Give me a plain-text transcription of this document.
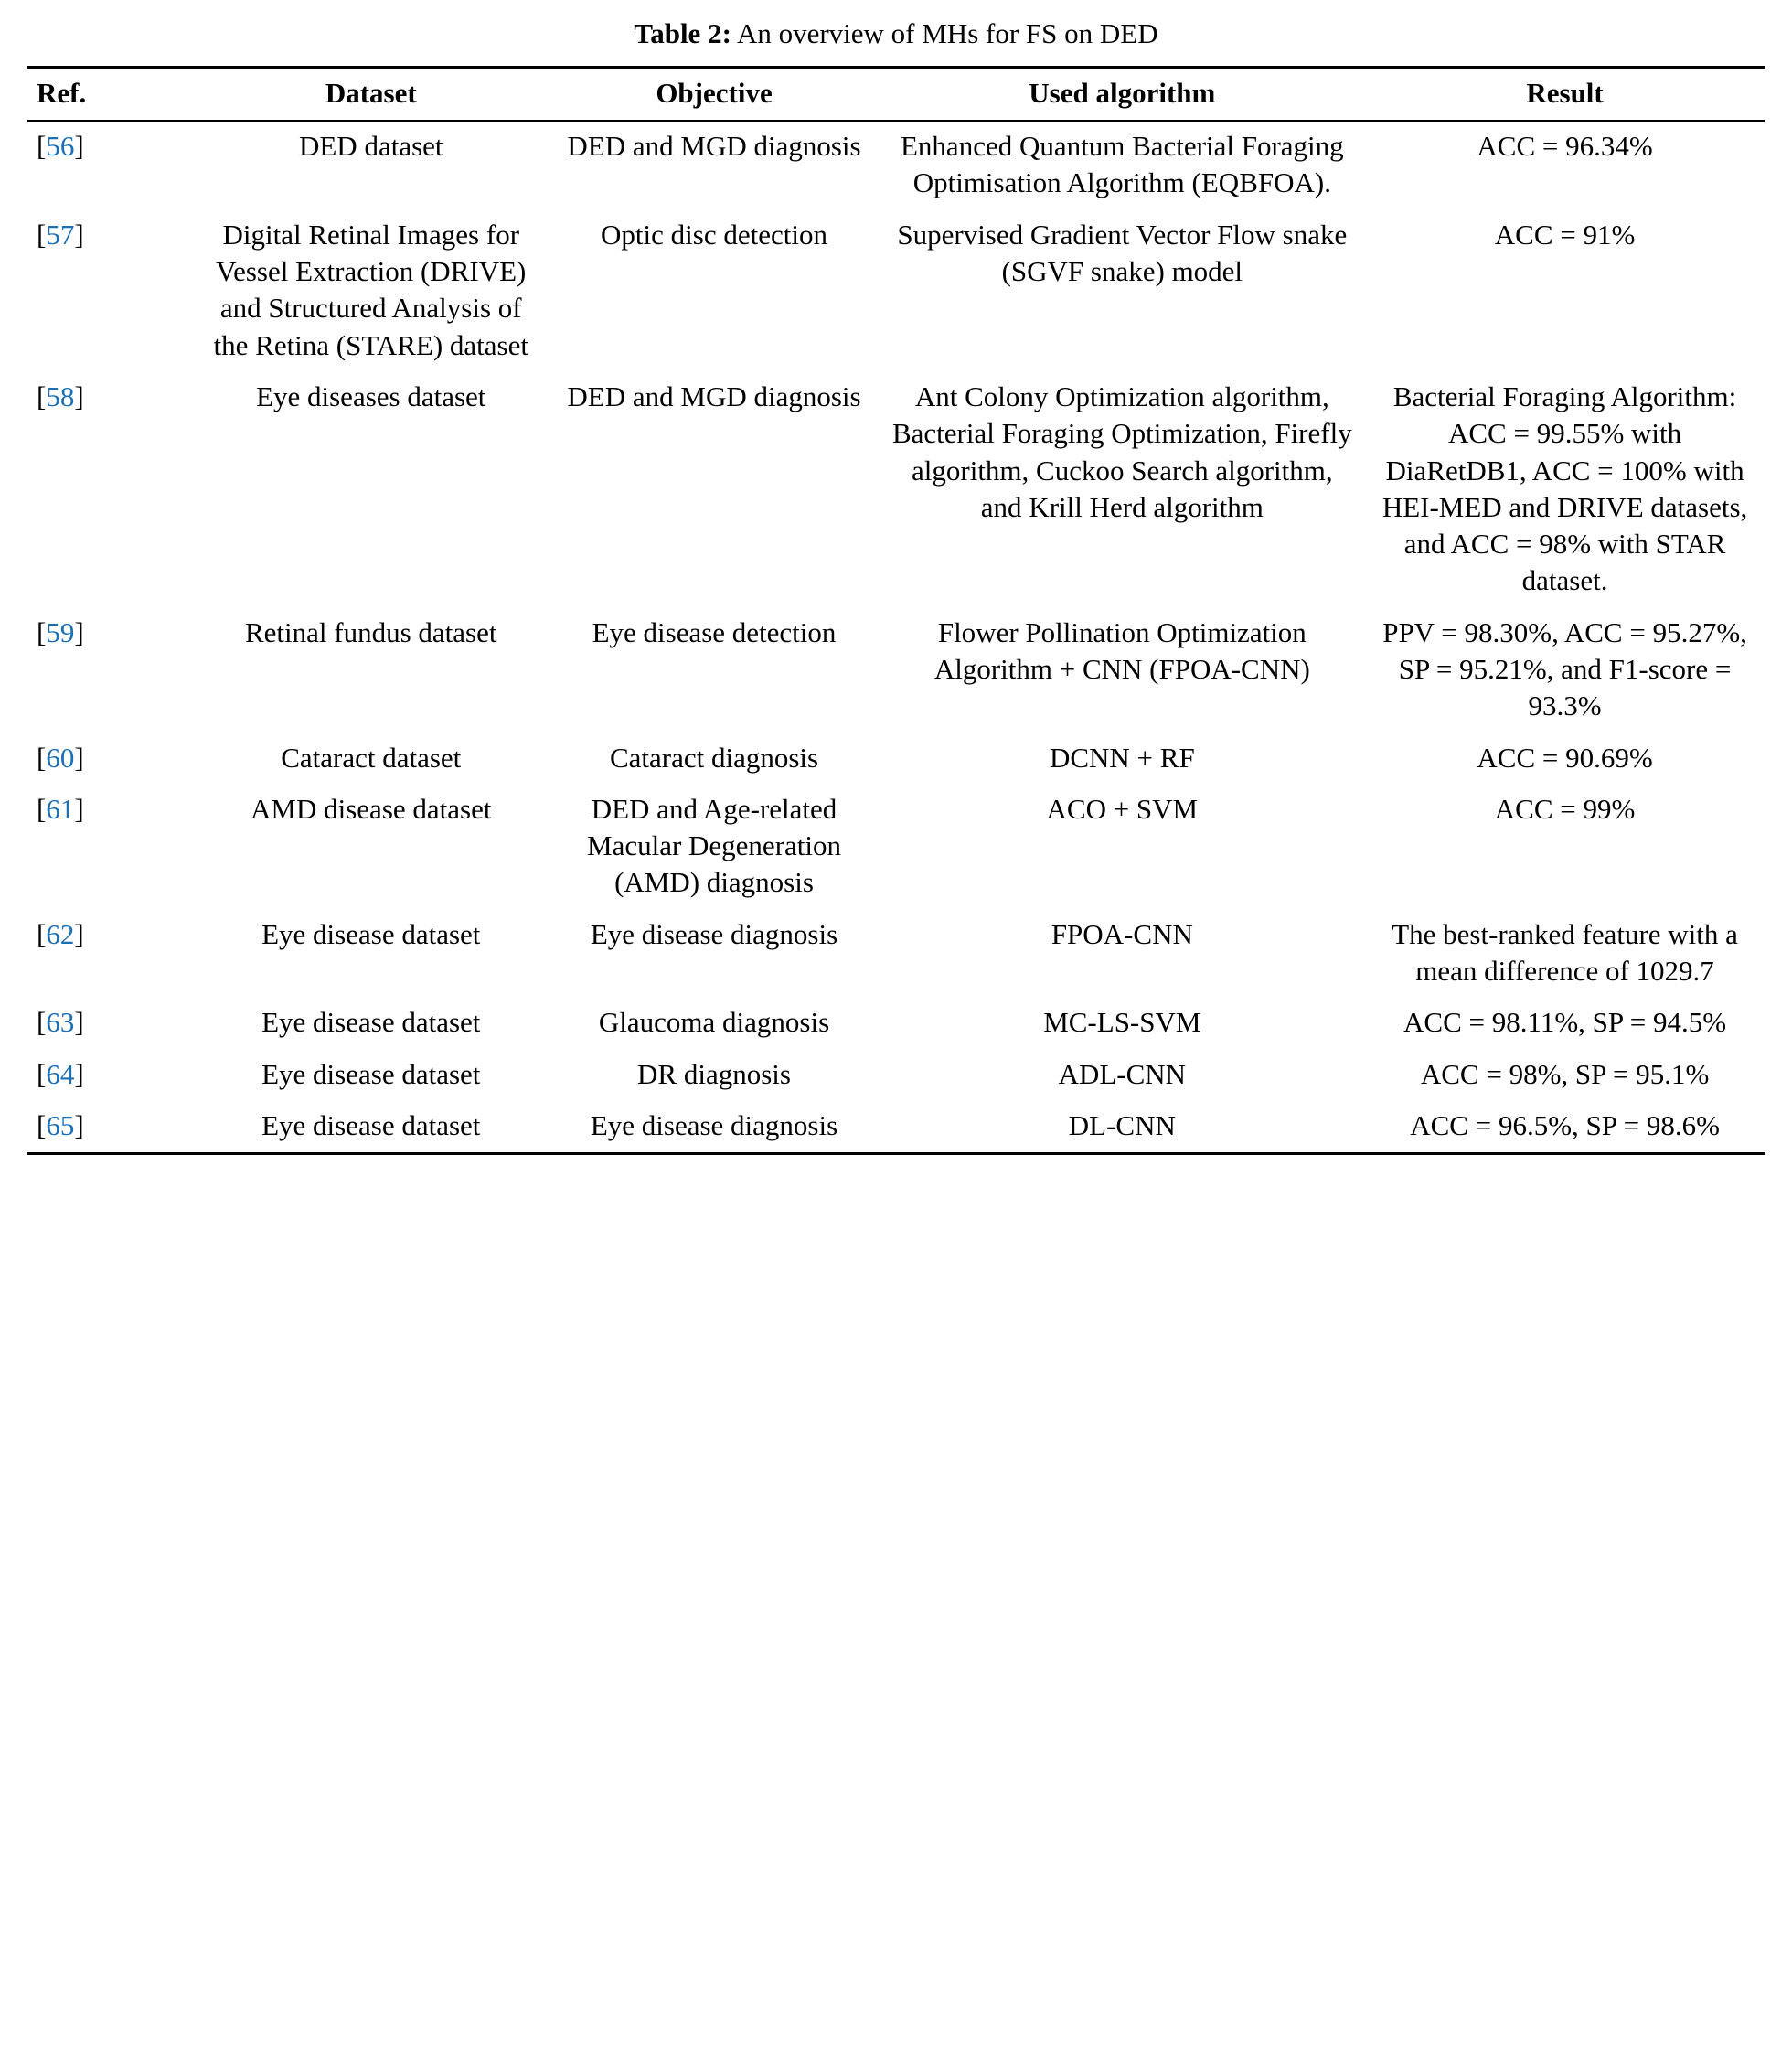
Table 2: An overview of MHs for FS on DED
Ref.	Dataset	Objective	Used algorithm	Result
[56]	DED dataset	DED and MGD diagnosis	Enhanced Quantum Bacterial Foraging Optimisation Algorithm (EQBFOA).	ACC = 96.34%
[57]	Digital Retinal Images for Vessel Extraction (DRIVE) and Structured Analysis of the Retina (STARE) dataset	Optic disc detection	Supervised Gradient Vector Flow snake (SGVF snake) model	ACC = 91%
[58]	Eye diseases dataset	DED and MGD diagnosis	Ant Colony Optimization algorithm, Bacterial Foraging Optimization, Firefly algorithm, Cuckoo Search algorithm, and Krill Herd algorithm	Bacterial Foraging Algorithm: ACC = 99.55% with DiaRetDB1, ACC = 100% with HEI-MED and DRIVE datasets, and ACC = 98% with STAR dataset.
[59]	Retinal fundus dataset	Eye disease detection	Flower Pollination Optimization Algorithm + CNN (FPOA-CNN)	PPV = 98.30%, ACC = 95.27%, SP = 95.21%, and F1-score = 93.3%
[60]	Cataract dataset	Cataract diagnosis	DCNN + RF	ACC = 90.69%
[61]	AMD disease dataset	DED and Age-related Macular Degeneration (AMD) diagnosis	ACO + SVM	ACC = 99%
[62]	Eye disease dataset	Eye disease diagnosis	FPOA-CNN	The best-ranked feature with a mean difference of 1029.7
[63]	Eye disease dataset	Glaucoma diagnosis	MC-LS-SVM	ACC = 98.11%, SP = 94.5%
[64]	Eye disease dataset	DR diagnosis	ADL-CNN	ACC = 98%, SP = 95.1%
[65]	Eye disease dataset	Eye disease diagnosis	DL-CNN	ACC = 96.5%, SP = 98.6%
